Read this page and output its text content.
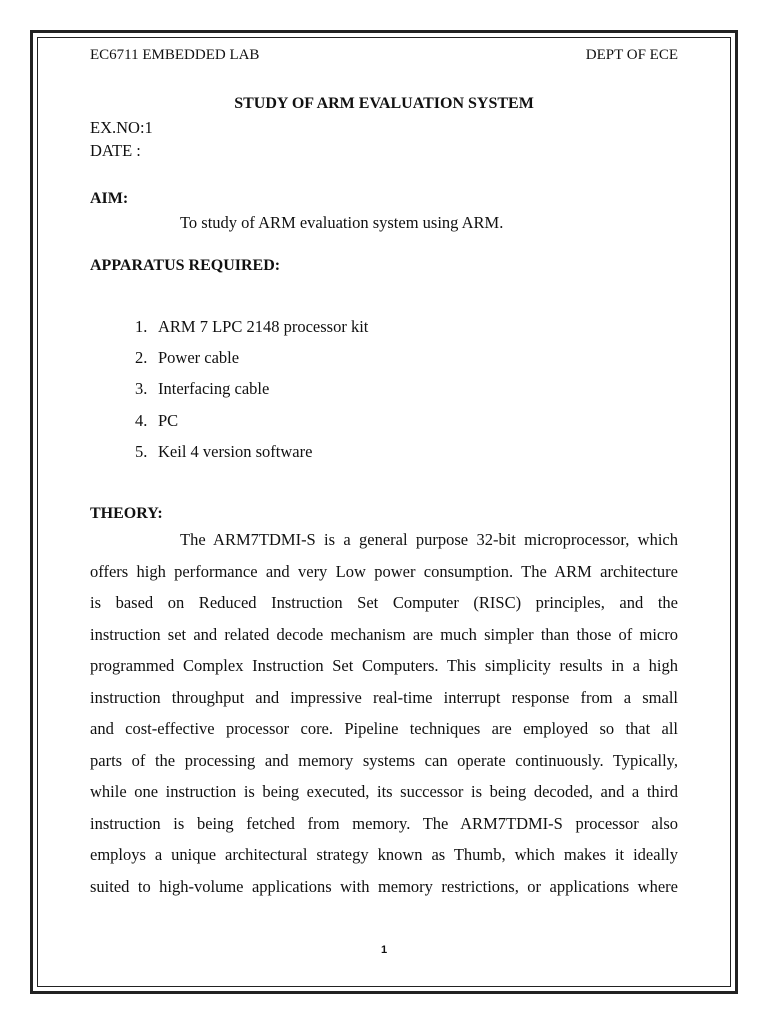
EC6711 EMBEDDED LAB	DEPT OF ECE
STUDY OF ARM EVALUATION SYSTEM
EX.NO:1
DATE :
AIM:
To study of ARM evaluation system using ARM.
APPARATUS REQUIRED:
1. ARM 7 LPC 2148 processor kit
2. Power cable
3. Interfacing cable
4. PC
5. Keil 4 version software
THEORY:
The ARM7TDMI-S is a general purpose 32-bit microprocessor, which
offers high performance and very Low power consumption. The ARM architecture
is based on Reduced Instruction Set Computer (RISC) principles, and the
instruction set and related decode mechanism are much simpler than those of micro
programmed Complex Instruction Set Computers. This simplicity results in a high
instruction throughput and impressive real-time interrupt response from a small
and cost-effective processor core. Pipeline techniques are employed so that all
parts of the processing and memory systems can operate continuously. Typically,
while one instruction is being executed, its successor is being decoded, and a third
instruction is being fetched from memory. The ARM7TDMI-S processor also
employs a unique architectural strategy known as Thumb, which makes it ideally
suited to high-volume applications with memory restrictions, or applications where
1
